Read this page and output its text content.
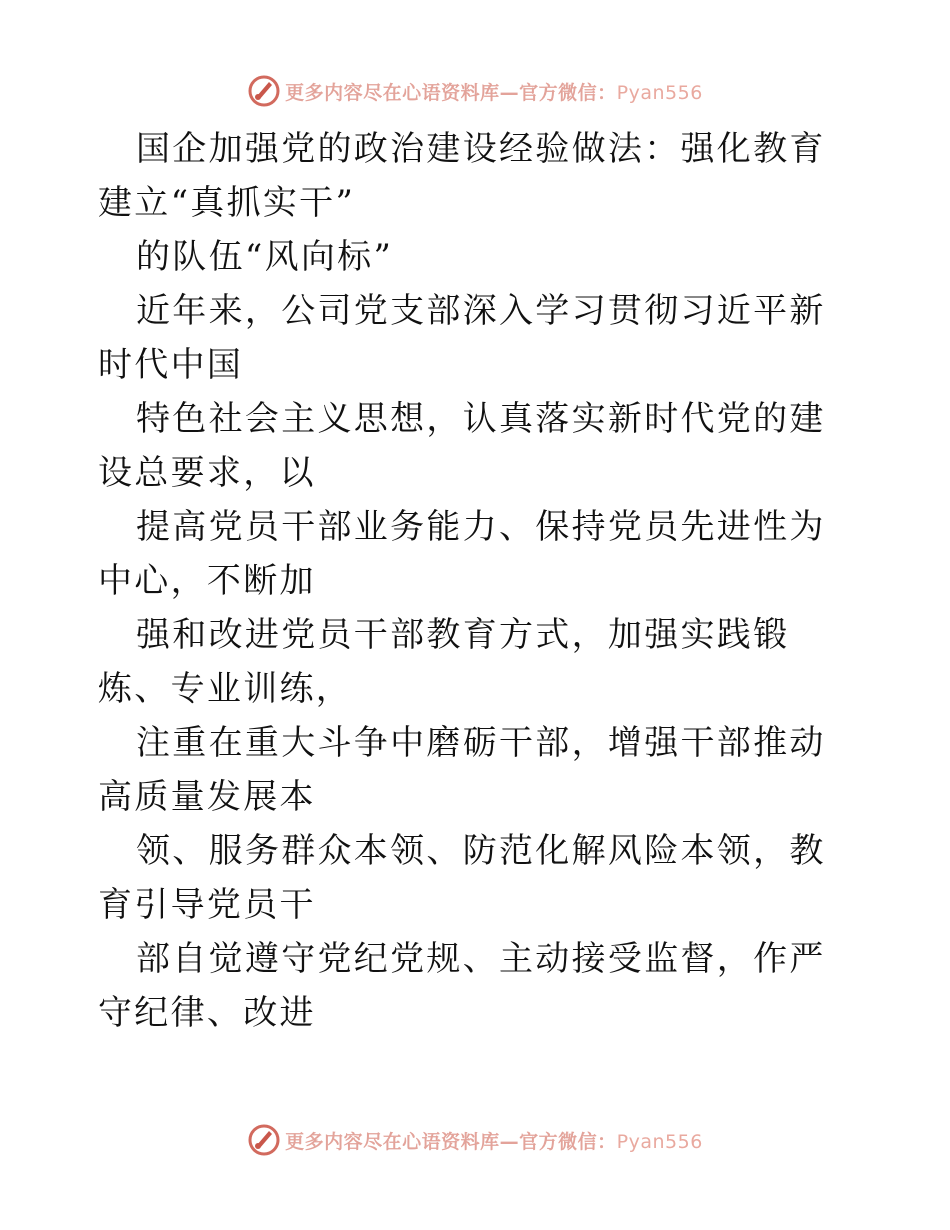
更多内容尽在心语资料库—官方微信：Pyan556

国企加强党的政治建设经验做法：强化教育建立“真抓实干”

的队伍“风向标”

近年来，公司党支部深入学习贯彻习近平新时代中国

特色社会主义思想，认真落实新时代党的建设总要求，以

提高党员干部业务能力、保持党员先进性为中心，不断加

强和改进党员干部教育方式，加强实践锻炼、专业训练，

注重在重大斗争中磨砺干部，增强干部推动高质量发展本

领、服务群众本领、防范化解风险本领，教育引导党员干

部自觉遵守党纪党规、主动接受监督，作严守纪律、改进

更多内容尽在心语资料库—官方微信：Pyan556
